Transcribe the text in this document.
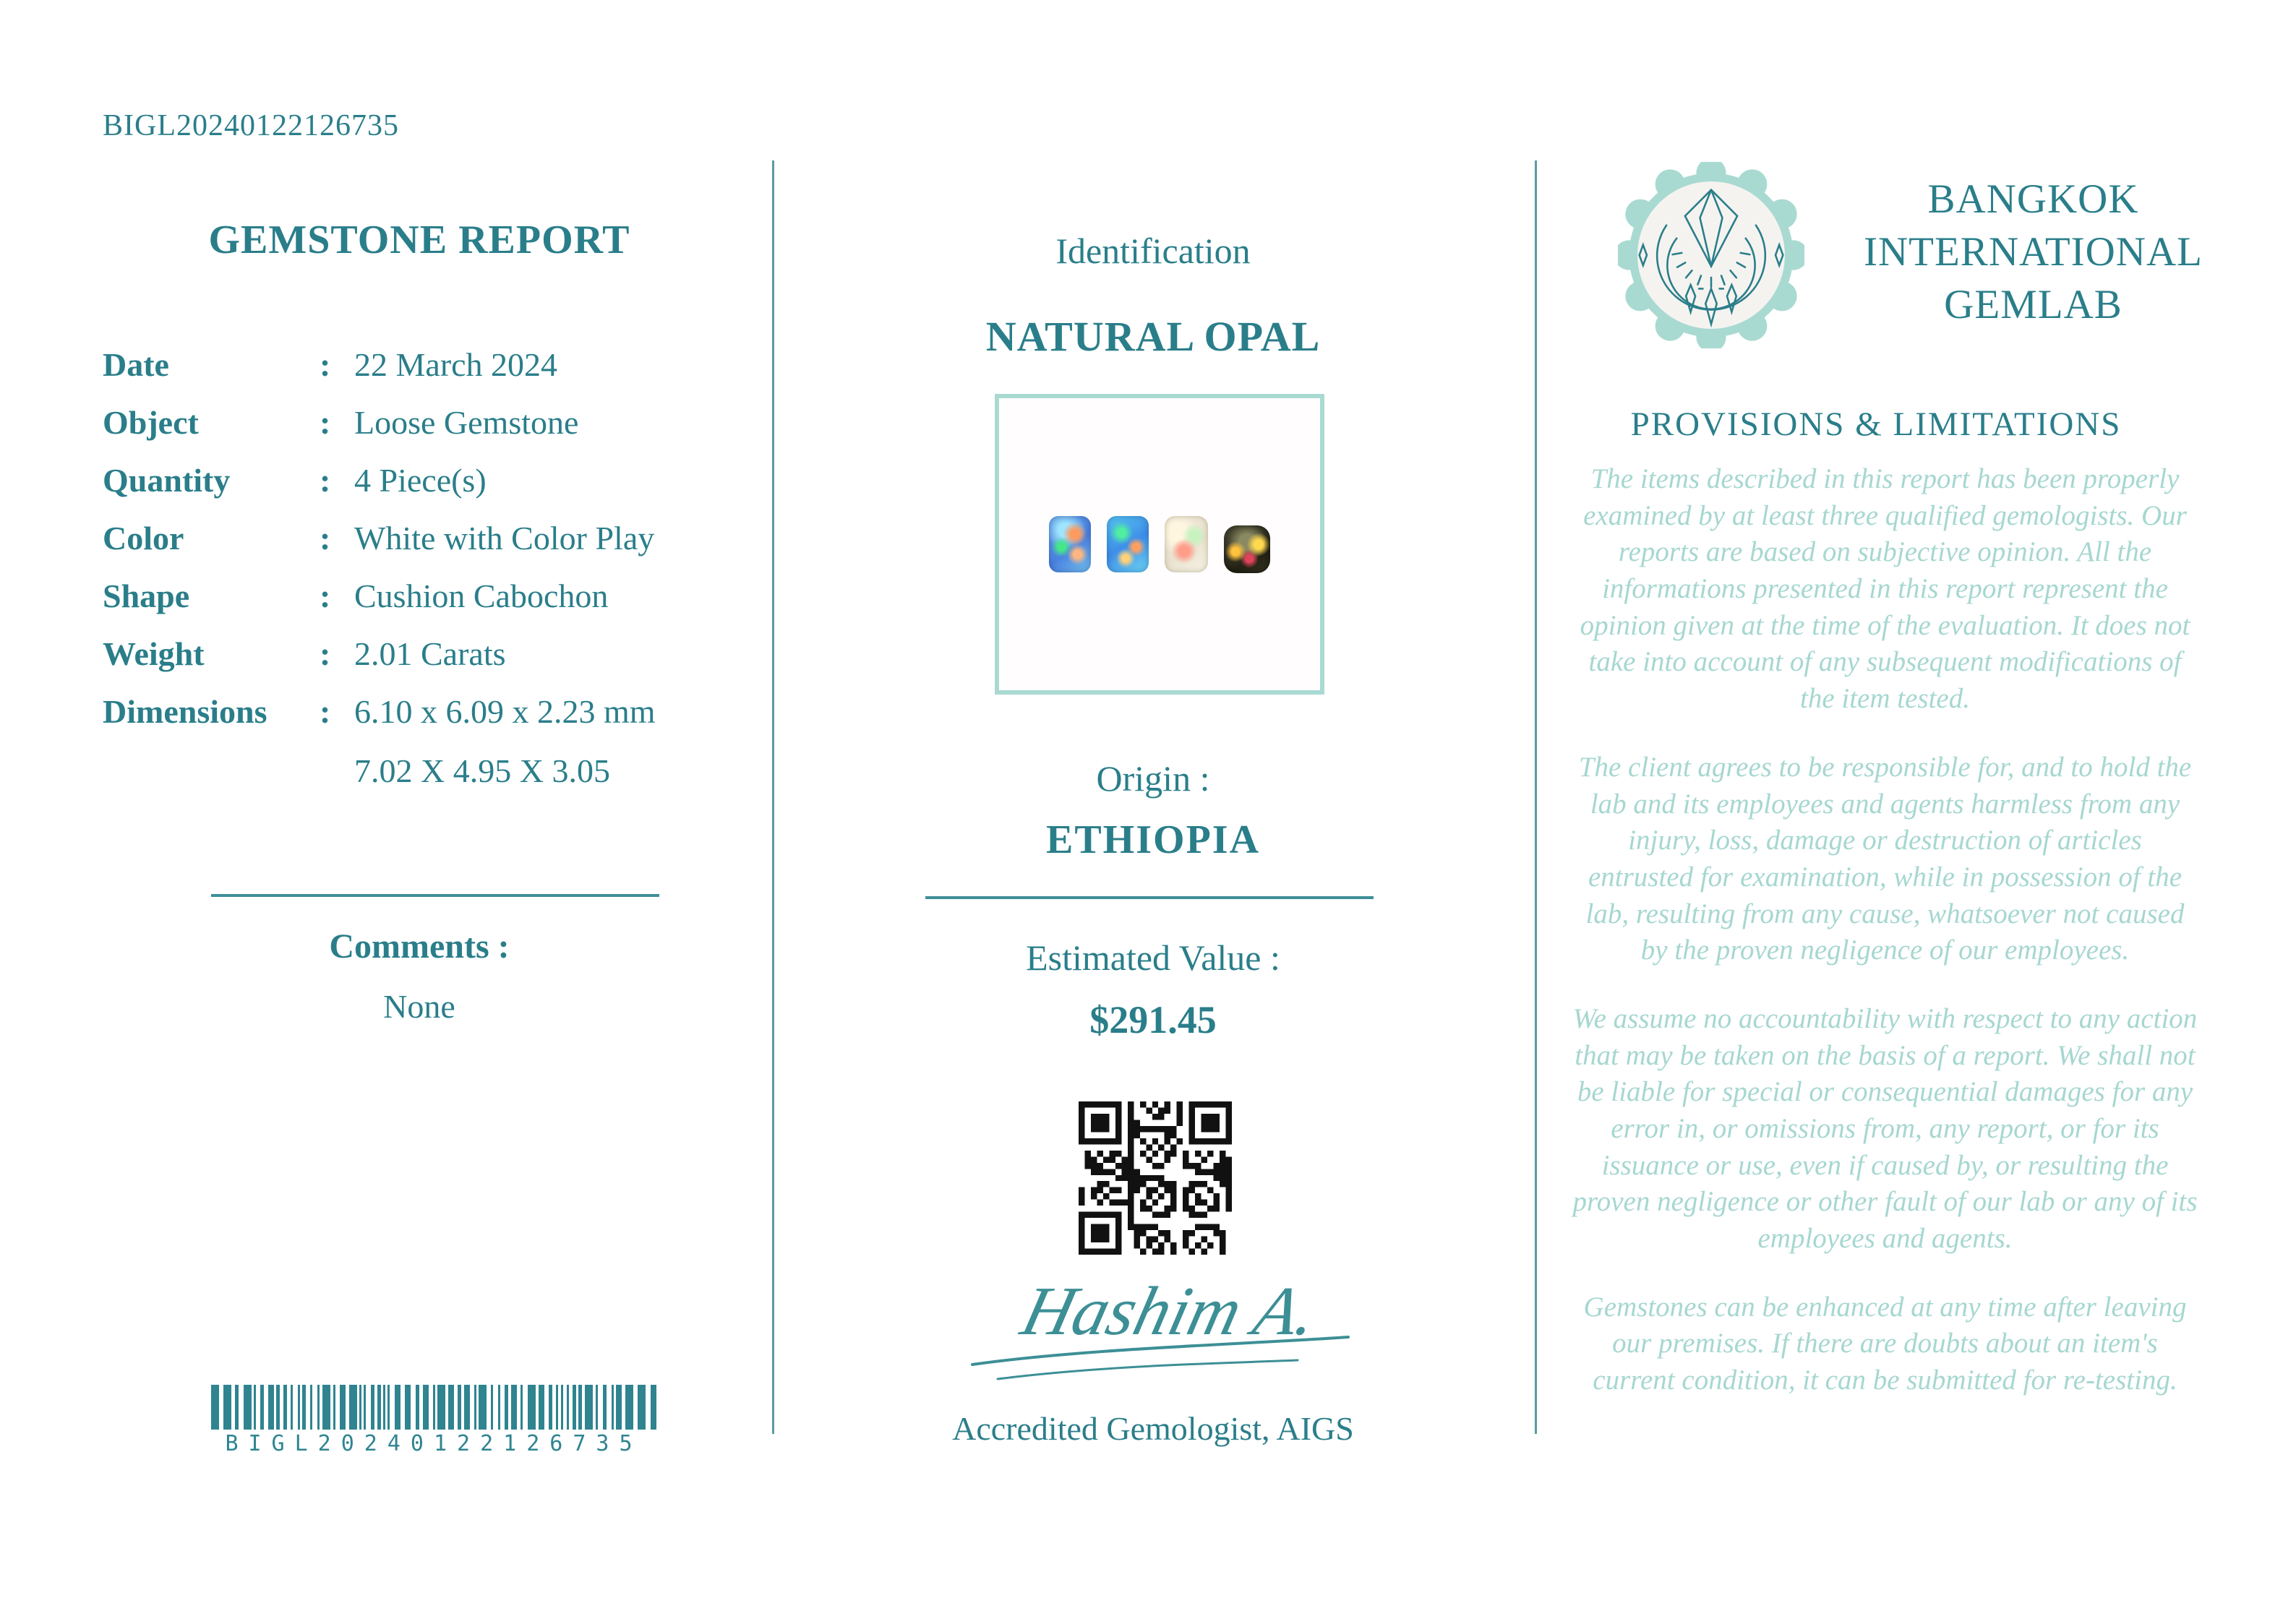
BIGL20240122126735
GEMSTONE REPORT
Date	: 22 March 2024
Object	: Loose Gemstone
Quantity	: 4 Piece(s)
Color	: White with Color Play
Shape	: Cushion Cabochon
Weight	: 2.01 Carats
Dimensions	: 6.10 x 6.09 x 2.23 mm
7.02 X 4.95 X 3.05
Comments :
None
BIGL20240122126735
Identification
NATURAL OPAL
Origin :
ETHIOPIA
Estimated Value :
$291.45
Hashim A.
Accredited Gemologist, AIGS
BANGKOK
INTERNATIONAL
GEMLAB
PROVISIONS & LIMITATIONS

The items described in this report has been properly examined by at least three qualified gemologists. Our reports are based on subjective opinion. All the informations presented in this report represent the opinion given at the time of the evaluation. It does not take into account of any subsequent modifications of the item tested.

The client agrees to be responsible for, and to hold the lab and its employees and agents harmless from any injury, loss, damage or destruction of articles entrusted for examination, while in possession of the lab, resulting from any cause, whatsoever not caused by the proven negligence of our employees.

We assume no accountability with respect to any action that may be taken on the basis of a report. We shall not be liable for special or consequential damages for any error in, or omissions from, any report, or for its issuance or use, even if caused by, or resulting the proven negligence or other fault of our lab or any of its employees and agents.

Gemstones can be enhanced at any time after leaving our premises. If there are doubts about an item's current condition, it can be submitted for re-testing.
